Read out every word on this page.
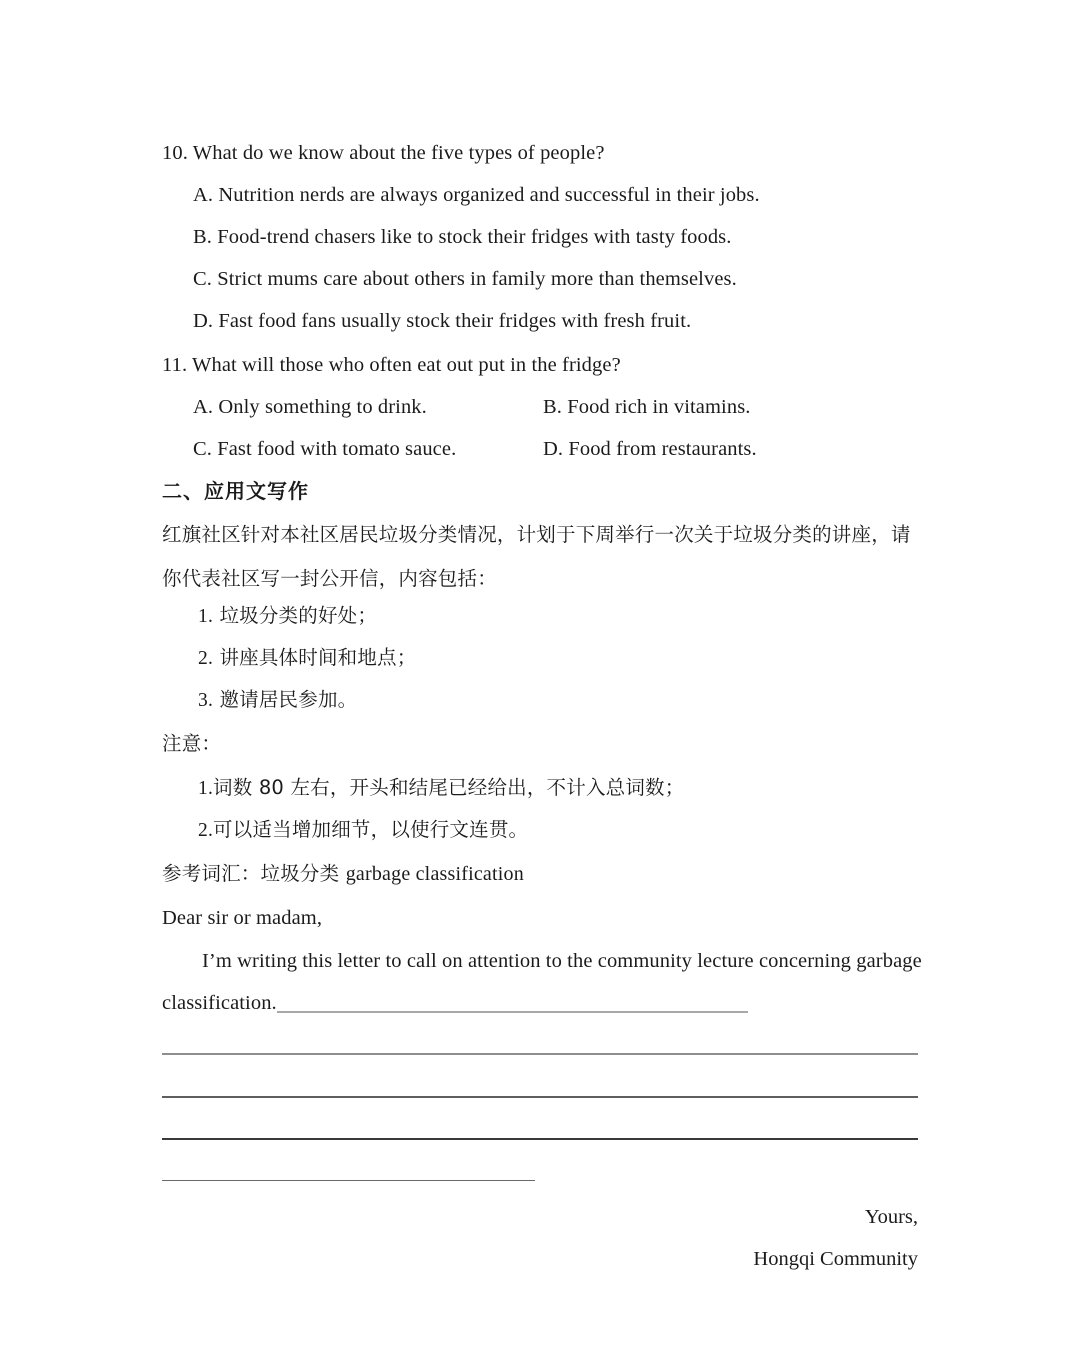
10. What do we know about the five types of people?
A. Nutrition nerds are always organized and successful in their jobs.
B. Food-trend chasers like to stock their fridges with tasty foods.
C. Strict mums care about others in family more than themselves.
D. Fast food fans usually stock their fridges with fresh fruit.
11. What will those who often eat out put in the fridge?
A. Only something to drink.	B. Food rich in vitamins.
C. Fast food with tomato sauce.	D. Food from restaurants.
二、应用文写作
红旗社区针对本社区居民垃圾分类情况，计划于下周举行一次关于垃圾分类的讲座，请你代表社区写一封公开信，内容包括：
1. 垃圾分类的好处；
2. 讲座具体时间和地点；
3. 邀请居民参加。
注意：
1.词数 80 左右，开头和结尾已经给出，不计入总词数；
2.可以适当增加细节，以使行文连贯。
参考词汇：垃圾分类 garbage classification
Dear sir or madam,
I’m writing this letter to call on attention to the community lecture concerning garbage
classification.
Yours,
Hongqi Community
